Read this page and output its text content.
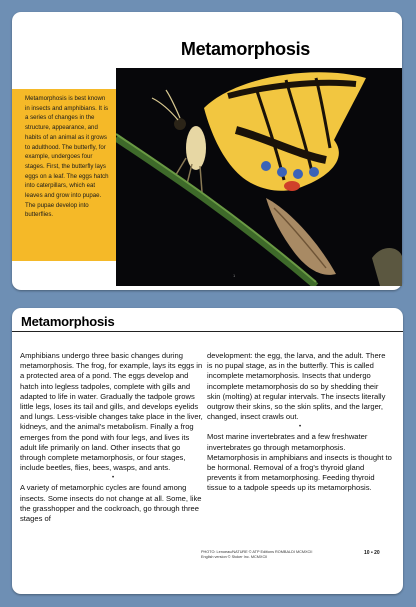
Metamorphosis
Metamorphosis is best known in insects and amphibians. It is a series of changes in the structure, appearance, and habits of an animal as it grows to adulthood. The butterfly, for example, undergoes four stages. First, the butterfly lays eggs on a leaf. The eggs hatch into caterpillars, which eat leaves and grow into pupae. The pupae develop into butterflies.
1
Metamorphosis

Amphibians undergo three basic changes during metamorphosis. The frog, for example, lays its eggs in a protected area of a pond. The eggs develop and hatch into legless tadpoles, complete with gills and adapted to life in water. Gradually the tadpole grows little legs, loses its tail and gills, and develops eyelids and lungs. Less-visible changes take place in the liver, kidneys, and the animal's metabolism. Finally a frog emerges from the pond with four legs, and lives its adult life primarily on land. Other insects that go through complete metamorphosis, or four stages, include beetles, flies, bees, wasps, and ants.

•

A variety of metamorphic cycles are found among insects. Some insects do not change at all. Some, like the grasshopper and the cockroach, go through three stages of

development: the egg, the larva, and the adult. There is no pupal stage, as in the butterfly. This is called incomplete metamorphosis. Insects that undergo incomplete metamorphosis do so by shedding their skin (molting) at regular intervals. The insects literally outgrow their skins, so the skin splits, and the larger, changed, insect crawls out.

•

Most marine invertebrates and a few freshwater invertebrates go through metamorphosis. Metamorphosis in amphibians and insects is thought to be hormonal. Removal of a frog's thyroid gland prevents it from metamorphosing. Feeding thyroid tissue to a tadpole speeds up its metamorphosis.

PHOTO: Lenoeau/NATURE © ATP Editions ROMBALDI MCMXCII
English version © Stoker Inc. MCMXCII
10 • 20
